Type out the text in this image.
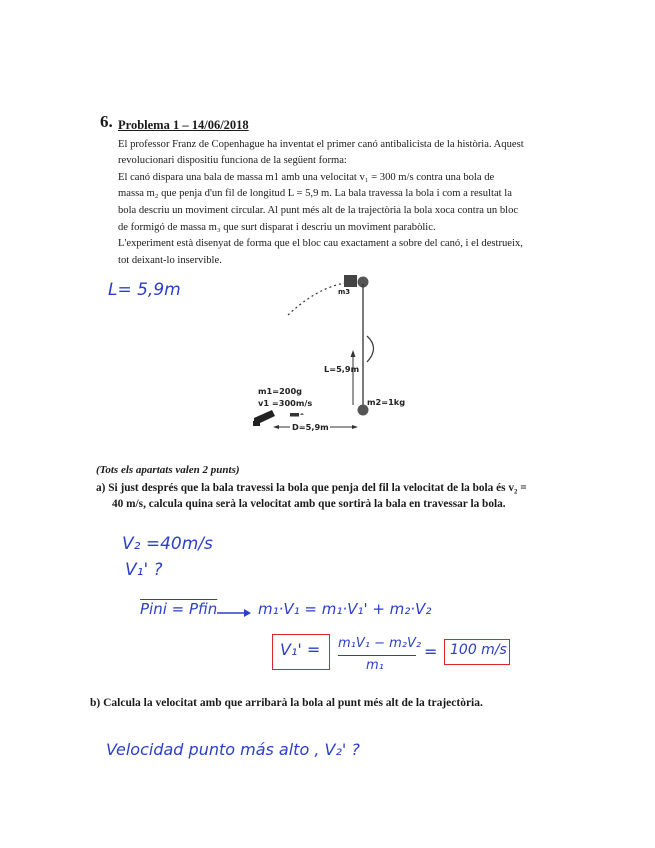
6. Problema 1 – 14/06/2018
El professor Franz de Copenhague ha inventat el primer canó antibalicista de la història. Aquest
revolucionari dispositiu funciona de la següent forma:
El canó dispara una bala de massa m1 amb una velocitat v₁ = 300 m/s contra una bola de
massa m₂ que penja d'un fil de longitud L = 5,9 m. La bala travessa la bola i com a resultat la
bola descriu un moviment circular. Al punt més alt de la trajectòria la bola xoca contra un bloc
de formigó de massa m₃ que surt disparat i descriu un moviment parabòlic.
L'experiment està disenyat de forma que el bloc cau exactament a sobre del canó, i el destrueix,
tot deixant-lo inservible.
L= 5,9m	m3
L=5,9m
m2=1kg
m1=200g
v1 =300m/s
D=5,9m
(Tots els apartats valen 2 punts)
a) Si just després que la bala travessi la bola que penja del fil la velocitat de la bola és v₂ =
40 m/s, calcula quina serà la velocitat amb que sortirà la bala en travessar la bola.
V₂ =40m/s
V₁' ?
Pini = Pfin	m₁·V₁ = m₁·V₁' + m₂·V₂
V₁' = m₁V₁ − m₂V₂
m₁
= 100 m/s
b) Calcula la velocitat amb que arribarà la bola al punt més alt de la trajectòria.
Velocidad punto más alto , V₂' ?
